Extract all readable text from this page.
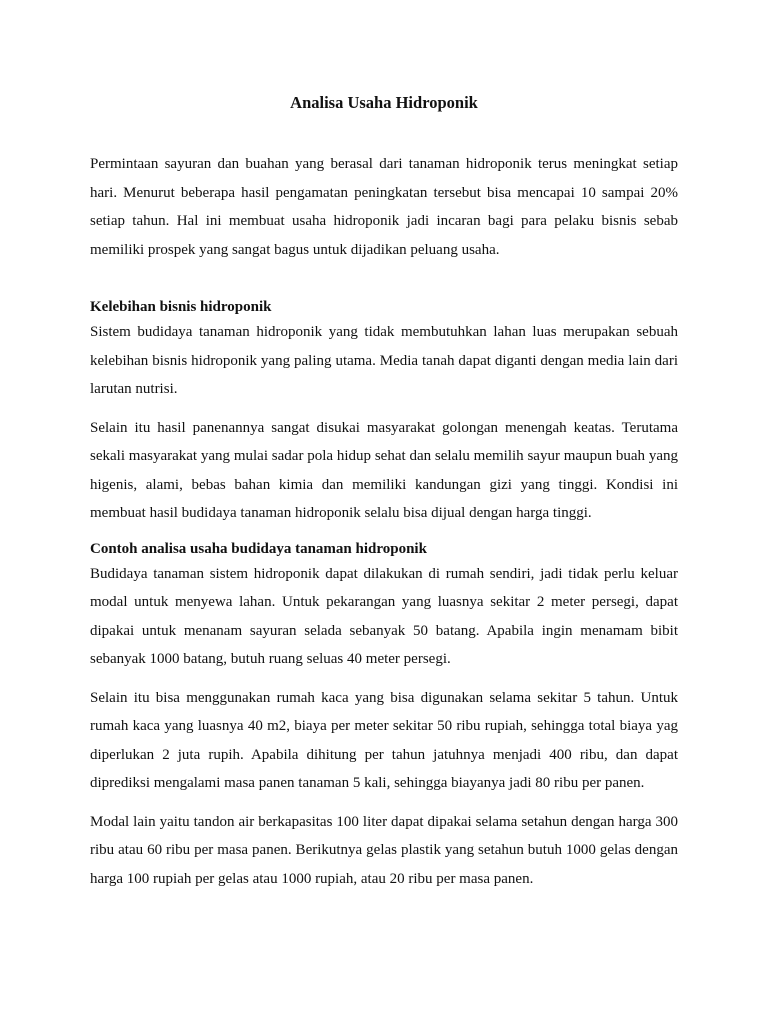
Analisa Usaha Hidroponik

Permintaan sayuran dan buahan yang berasal dari tanaman hidroponik terus meningkat setiap hari. Menurut beberapa hasil pengamatan peningkatan tersebut bisa mencapai 10 sampai 20% setiap tahun. Hal ini membuat usaha hidroponik jadi incaran bagi para pelaku bisnis sebab memiliki prospek yang sangat bagus untuk dijadikan peluang usaha.

Kelebihan bisnis hidroponik

Sistem budidaya tanaman hidroponik yang tidak membutuhkan lahan luas merupakan sebuah kelebihan bisnis hidroponik yang paling utama. Media tanah dapat diganti dengan media lain dari larutan nutrisi.

Selain itu hasil panenannya sangat disukai masyarakat golongan menengah keatas. Terutama sekali masyarakat yang mulai sadar pola hidup sehat dan selalu memilih sayur maupun buah yang higenis, alami, bebas bahan kimia dan memiliki kandungan gizi yang tinggi. Kondisi ini membuat hasil budidaya tanaman hidroponik selalu bisa dijual dengan harga tinggi.

Contoh analisa usaha budidaya tanaman hidroponik

Budidaya tanaman sistem hidroponik dapat dilakukan di rumah sendiri, jadi tidak perlu keluar modal untuk menyewa lahan. Untuk pekarangan yang luasnya sekitar 2 meter persegi, dapat dipakai untuk menanam sayuran selada sebanyak 50 batang. Apabila ingin menamam bibit sebanyak 1000 batang, butuh ruang seluas 40 meter persegi.

Selain itu bisa menggunakan rumah kaca yang bisa digunakan selama sekitar 5 tahun. Untuk rumah kaca yang luasnya 40 m2, biaya per meter sekitar 50 ribu rupiah, sehingga total biaya yag diperlukan 2 juta rupih. Apabila dihitung per tahun jatuhnya menjadi 400 ribu, dan dapat diprediksi mengalami masa panen tanaman 5 kali, sehingga biayanya jadi 80 ribu per panen.

Modal lain yaitu tandon air berkapasitas 100 liter dapat dipakai selama setahun dengan harga 300 ribu atau 60 ribu per masa panen. Berikutnya gelas plastik yang setahun butuh 1000 gelas dengan harga 100 rupiah per gelas atau 1000 rupiah, atau 20 ribu per masa panen.
